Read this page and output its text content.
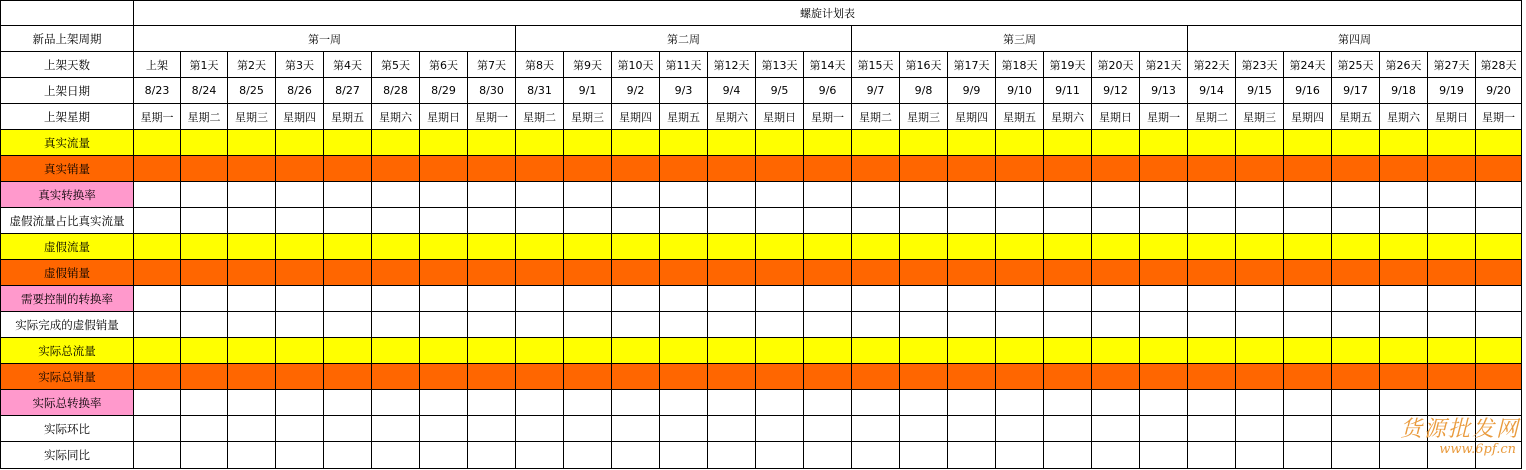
	螺旋计划表																												
新品上架周期	第一周								第二周							第三周							第四周						
上架天数	上架	第1天	第2天	第3天	第4天	第5天	第6天	第7天	第8天	第9天	第10天	第11天	第12天	第13天	第14天	第15天	第16天	第17天	第18天	第19天	第20天	第21天	第22天	第23天	第24天	第25天	第26天	第27天	第28天
上架日期	8/23	8/24	8/25	8/26	8/27	8/28	8/29	8/30	8/31	9/1	9/2	9/3	9/4	9/5	9/6	9/7	9/8	9/9	9/10	9/11	9/12	9/13	9/14	9/15	9/16	9/17	9/18	9/19	9/20
上架星期	星期一	星期二	星期三	星期四	星期五	星期六	星期日	星期一	星期二	星期三	星期四	星期五	星期六	星期日	星期一	星期二	星期三	星期四	星期五	星期六	星期日	星期一	星期二	星期三	星期四	星期五	星期六	星期日	星期一
真实流量																													
真实销量																													
真实转换率																													
虚假流量占比真实流量																													
虚假流量																													
虚假销量																													
需要控制的转换率																													
实际完成的虚假销量																													
实际总流量																													
实际总销量																													
实际总转换率																													
实际环比																													
实际同比																													
货源批发网
www.6pf.cn
